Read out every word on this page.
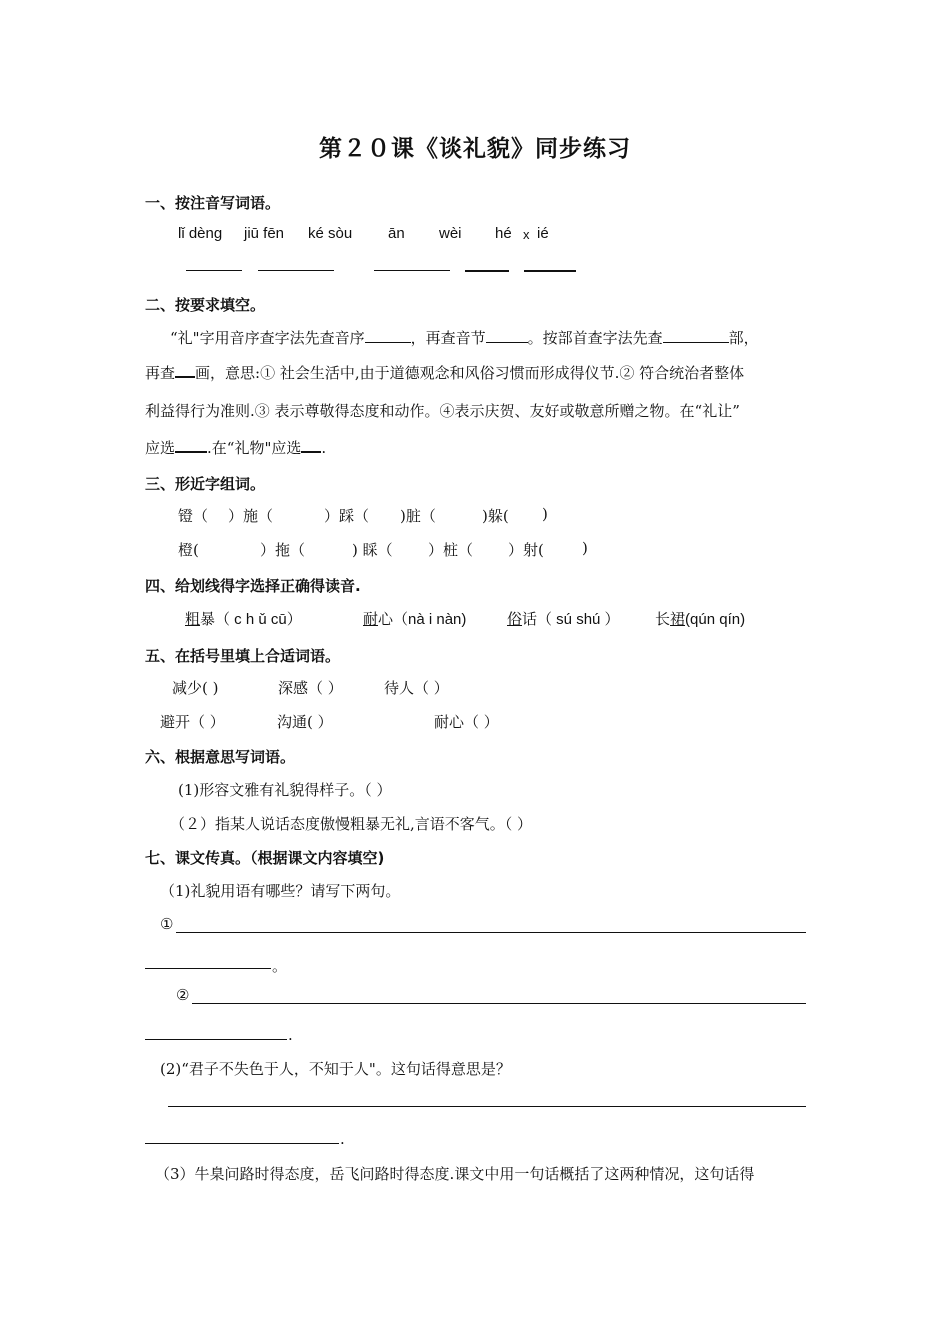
第２０课《谈礼貌》同步练习
一、按注音写词语。
lǐ dèng jiū fēn ké sòu ān wèi hé x ié
二、按要求填空。
“礼"字用音序查字法先查音序	，再查音节	。按部首查字法先查	部，
再查 画，意思:① 社会生活中,由于道德观念和风俗习惯而形成得仪节.② 符合统治者整体
利益得行为准则.③ 表示尊敬得态度和动作。④表示庆贺、友好或敬意所赠之物。在“礼让”
应选 .在“礼物"应选 .
三、形近字组词。
镫（ ）施（	）踩（ )脏（	)躲( )
橙(	）拖（	) 睬（ ）桩（ ）射(	)
四、给划线得字选择正确得读音.
粗暴（ c h ǔ cū）	耐心（nà i nàn)	俗话（ sú shú ） 长裙(qún qín)
五、在括号里填上合适词语。
减少( )	深感（ ）	待人（ ）
避开（ ）	沟通( ）	耐心（ ）
六、根据意思写词语。
(1)形容文雅有礼貌得样子。（ ）
（２）指某人说话态度傲慢粗暴无礼,言语不客气。（ ）
七、课文传真。（根据课文内容填空)
（1)礼貌用语有哪些？请写下两句。
①
。
②
.
(2)“君子不失色于人，不知于人"。这句话得意思是？
.
（3）牛臬问路时得态度，岳飞问路时得态度.课文中用一句话概括了这两种情况，这句话得
